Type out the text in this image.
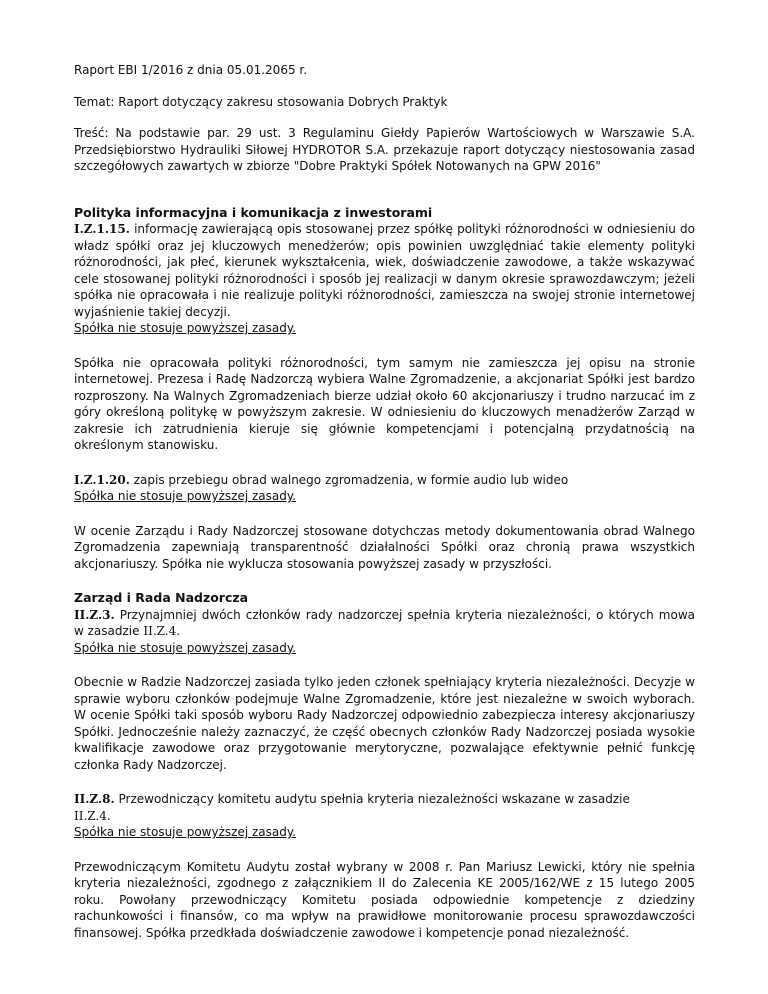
Raport EBI 1/2016 z dnia 05.01.2065 r.

Temat: Raport dotyczący zakresu stosowania Dobrych Praktyk

Treść: Na podstawie par. 29 ust. 3 Regulaminu Giełdy Papierów Wartościowych w Warszawie S.A. Przedsiębiorstwo Hydrauliki Siłowej HYDROTOR S.A. przekazuje raport dotyczący niestosowania zasad szczegółowych zawartych w zbiorze "Dobre Praktyki Spółek Notowanych na GPW 2016"

Polityka informacyjna i komunikacja z inwestorami

I.Z.1.15. informację zawierającą opis stosowanej przez spółkę polityki różnorodności w odniesieniu do władz spółki oraz jej kluczowych menedżerów; opis powinien uwzględniać takie elementy polityki różnorodności, jak płeć, kierunek wykształcenia, wiek, doświadczenie zawodowe, a także wskazywać cele stosowanej polityki różnorodności i sposób jej realizacji w danym okresie sprawozdawczym; jeżeli spółka nie opracowała i nie realizuje polityki różnorodności, zamieszcza na swojej stronie internetowej wyjaśnienie takiej decyzji.

Spółka nie stosuje powyższej zasady.

Spółka nie opracowała polityki różnorodności, tym samym nie zamieszcza jej opisu na stronie internetowej. Prezesa i Radę Nadzorczą wybiera Walne Zgromadzenie, a akcjonariat Spółki jest bardzo rozproszony. Na Walnych Zgromadzeniach bierze udział około 60 akcjonariuszy i trudno narzucać im z góry określoną politykę w powyższym zakresie. W odniesieniu do kluczowych menadżerów Zarząd w zakresie ich zatrudnienia kieruje się głównie kompetencjami i potencjalną przydatnością na określonym stanowisku.

I.Z.1.20. zapis przebiegu obrad walnego zgromadzenia, w formie audio lub wideo

Spółka nie stosuje powyższej zasady.

W ocenie Zarządu i Rady Nadzorczej stosowane dotychczas metody dokumentowania obrad Walnego Zgromadzenia zapewniają transparentność działalności Spółki oraz chronią prawa wszystkich akcjonariuszy. Spółka nie wyklucza stosowania powyższej zasady w przyszłości.

Zarząd i Rada Nadzorcza

II.Z.3. Przynajmniej dwóch członków rady nadzorczej spełnia kryteria niezależności, o których mowa w zasadzie II.Z.4.

Spółka nie stosuje powyższej zasady.

Obecnie w Radzie Nadzorczej zasiada tylko jeden członek spełniający kryteria niezależności. Decyzje w sprawie wyboru członków podejmuje Walne Zgromadzenie, które jest niezależne w swoich wyborach. W ocenie Spółki taki sposób wyboru Rady Nadzorczej odpowiednio zabezpiecza interesy akcjonariuszy Spółki. Jednocześnie należy zaznaczyć, że część obecnych członków Rady Nadzorczej posiada wysokie kwalifikacje zawodowe oraz przygotowanie merytoryczne, pozwalające efektywnie pełnić funkcję członka Rady Nadzorczej.

II.Z.8. Przewodniczący komitetu audytu spełnia kryteria niezależności wskazane w zasadzie
II.Z.4.

Spółka nie stosuje powyższej zasady.

Przewodniczącym Komitetu Audytu został wybrany w 2008 r. Pan Mariusz Lewicki, który nie spełnia kryteria niezależności, zgodnego z załącznikiem II do Zalecenia KE 2005/162/WE z 15 lutego 2005 roku. Powołany przewodniczący Komitetu posiada odpowiednie kompetencje z dziedziny rachunkowości i finansów, co ma wpływ na prawidłowe monitorowanie procesu sprawozdawczości finansowej. Spółka przedkłada doświadczenie zawodowe i kompetencje ponad niezależność.
